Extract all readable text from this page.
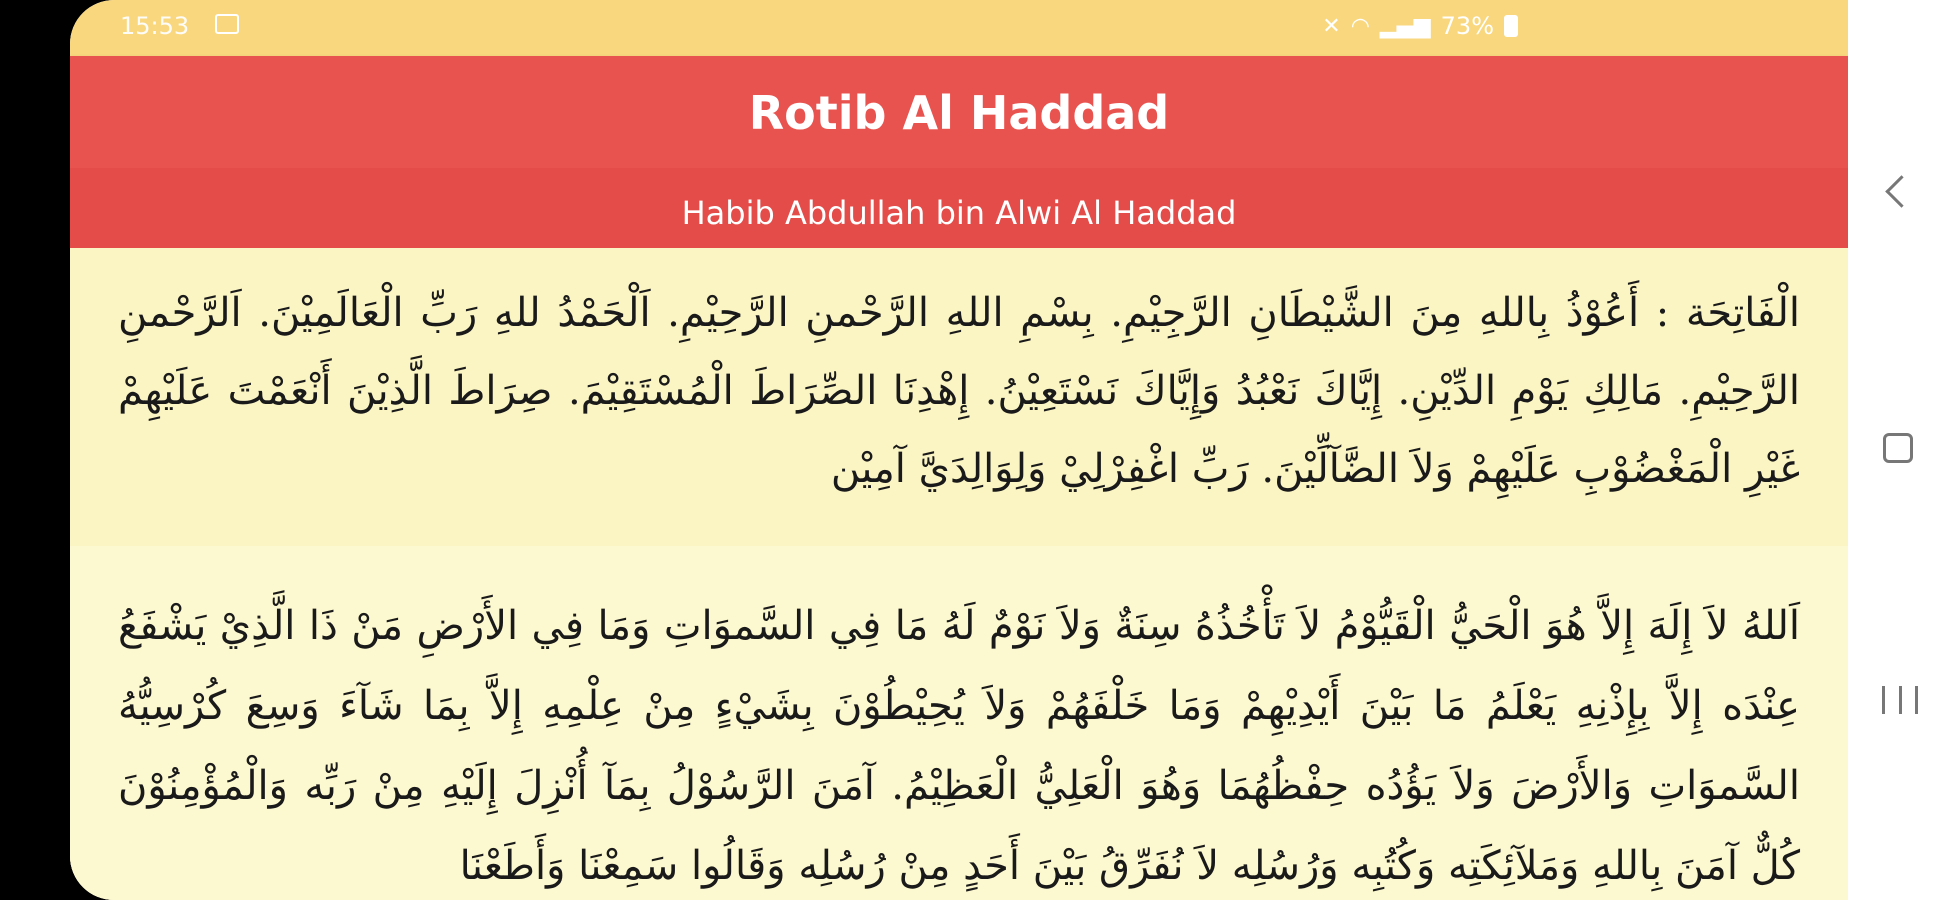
15:53	✕ ◠ ▂▄▆ 73%
Rotib Al Haddad
Habib Abdullah bin Alwi Al Haddad
الْفَاتِحَة : أَعُوْذُ بِاللهِ مِنَ الشَّيْطَانِ الرَّجِيْمِ. بِسْمِ اللهِ الرَّحْمنِ الرَّحِيْمِ. اَلْحَمْدُ للهِ رَبِّ الْعَالَمِيْنَ. اَلرَّحْمنِ الرَّحِيْمِ. مَالِكِ يَوْمِ الدِّيْنِ. إِيَّاكَ نَعْبُدُ وَإِيَّاكَ نَسْتَعِيْنُ. إِهْدِنَا الصِّرَاطَ الْمُسْتَقِيْمَ. صِرَاطَ الَّذِيْنَ أَنْعَمْتَ عَلَيْهِمْ غَيْرِ الْمَغْضُوْبِ عَلَيْهِمْ وَلاَ الضَّآلِّيْنَ. رَبِّ اغْفِرْلِيْ وَلِوَالِدَيَّ آمِيْن
اَللهُ لاَ إِلَهَ إِلاَّ هُوَ الْحَيُّ الْقَيُّوْمُ لاَ تَأْخُذُهُ سِنَةٌ وَلاَ نَوْمٌ لَهُ مَا فِي السَّموَاتِ وَمَا فِي الأَرْضِ مَنْ ذَا الَّذِيْ يَشْفَعُ عِنْدَه إِلاَّ بِإِذْنِهِ يَعْلَمُ مَا بَيْنَ أَيْدِيْهِمْ وَمَا خَلْفَهُمْ وَلاَ يُحِيْطُوْنَ بِشَيْءٍ مِنْ عِلْمِهِ إِلاَّ بِمَا شَآءَ وَسِعَ كُرْسِيُّهُ السَّموَاتِ وَالأَرْضَ وَلاَ يَؤُدُه حِفْظُهُمَا وَهُوَ الْعَلِيُّ الْعَظِيْمُ. آمَنَ الرَّسُوْلُ بِمَآ أُنْزِلَ إِلَيْهِ مِنْ رَبِّه وَالْمُؤْمِنُوْنَ كُلٌّ آمَنَ بِاللهِ وَمَلآئِكَتِه وَكُتُبِه وَرُسُلِه لاَ نُفَرِّقُ بَيْنَ أَحَدٍ مِنْ رُسُلِه وَقَالُوا سَمِعْنَا وَأَطَعْنَا
